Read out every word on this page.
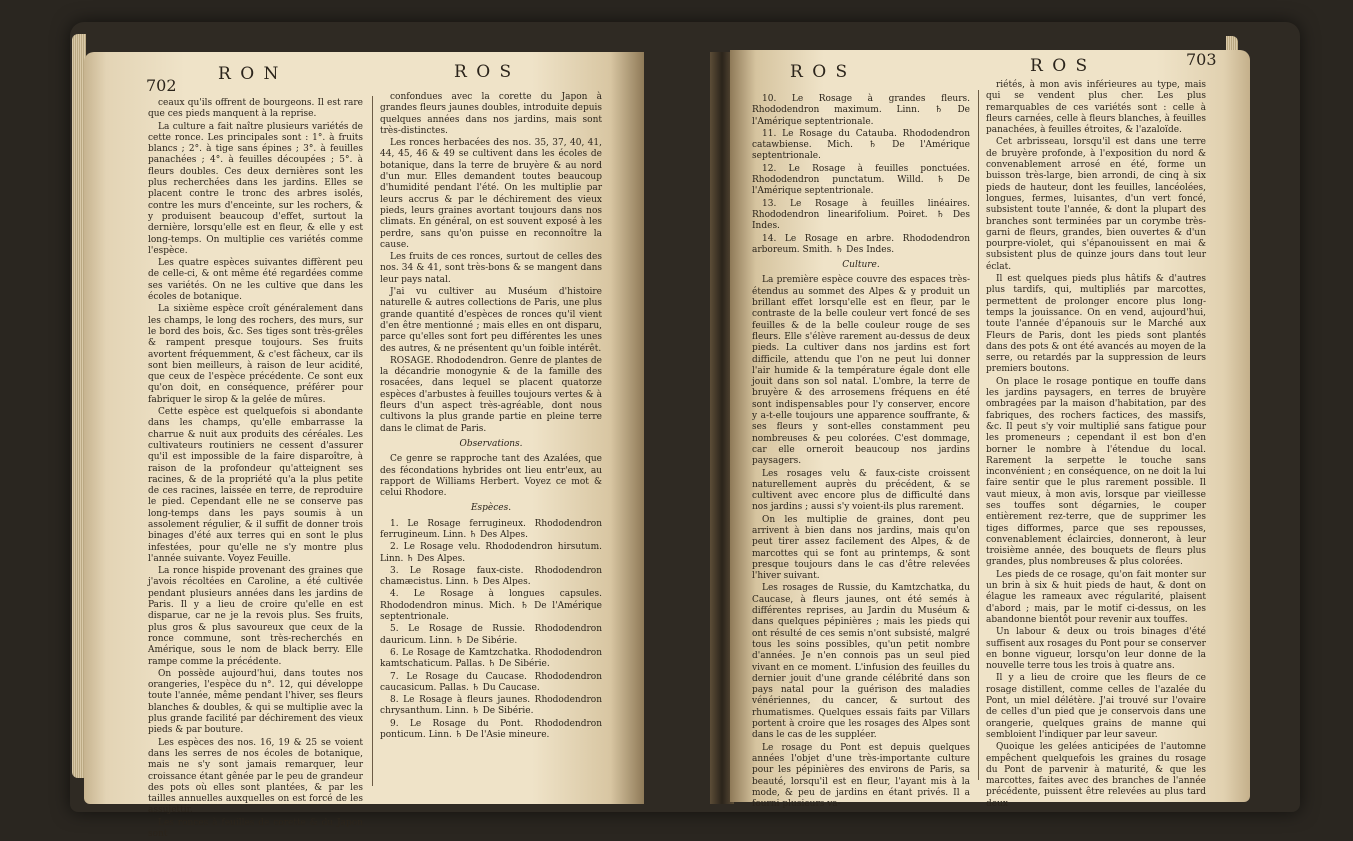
702
R O N	R O S

ceaux qu'ils offrent de bourgeons. Il est rare que ces pieds manquent à la reprise.

La culture a fait naître plusieurs variétés de cette ronce. Les principales sont : 1°. à fruits blancs ; 2°. à tige sans épines ; 3°. à feuilles panachées ; 4°. à feuilles découpées ; 5°. à fleurs doubles. Ces deux dernières sont les plus recherchées dans les jardins. Elles se placent contre le tronc des arbres isolés, contre les murs d'enceinte, sur les rochers, & y produisent beaucoup d'effet, surtout la dernière, lorsqu'elle est en fleur, & elle y est long-temps. On multiplie ces variétés comme l'espèce.

Les quatre espèces suivantes diffèrent peu de celle-ci, & ont même été regardées comme ses variétés. On ne les cultive que dans les écoles de botanique.

La sixième espèce croît généralement dans les champs, le long des rochers, des murs, sur le bord des bois, &c. Ses tiges sont très-grêles & rampent presque toujours. Ses fruits avortent fréquemment, & c'est fâcheux, car ils sont bien meilleurs, à raison de leur acidité, que ceux de l'espèce précédente. Ce sont eux qu'on doit, en conséquence, préférer pour fabriquer le sirop & la gelée de mûres.

Cette espèce est quelquefois si abondante dans les champs, qu'elle embarrasse la charrue & nuit aux produits des céréales. Les cultivateurs routiniers ne cessent d'assurer qu'il est impossible de la faire disparoître, à raison de la profondeur qu'atteignent ses racines, & de la propriété qu'a la plus petite de ces racines, laissée en terre, de reproduire le pied. Cependant elle ne se conserve pas long-temps dans les pays soumis à un assolement régulier, & il suffit de donner trois binages d'été aux terres qui en sont le plus infestées, pour qu'elle ne s'y montre plus l'année suivante. Voyez Feuille.

La ronce hispide provenant des graines que j'avois récoltées en Caroline, a été cultivée pendant plusieurs années dans les jardins de Paris. Il y a lieu de croire qu'elle en est disparue, car ne je la revois plus. Ses fruits, plus gros & plus savoureux que ceux de la ronce commune, sont très-recherchés en Amérique, sous le nom de black berry. Elle rampe comme la précédente.

On possède aujourd'hui, dans toutes nos orangeries, l'espèce du n°. 12, qui développe toute l'année, même pendant l'hiver, ses fleurs blanches & doubles, & qui se multiplie avec la plus grande facilité par déchirement des vieux pieds & par bouture.

Les espèces des nos. 16, 19 & 25 se voient dans les serres de nos écoles de botanique, mais ne s'y sont jamais remarquer, leur croissance étant gênée par le peu de grandeur des pots où elles sont plantées, & par les tailles annuelles auxquelles on est forcé de les assujettir.

Les ronces à feuilles de corette & du Japon sont

confondues avec la corette du Japon à grandes fleurs jaunes doubles, introduite depuis quelques années dans nos jardins, mais sont très-distinctes.

Les ronces herbacées des nos. 35, 37, 40, 41, 44, 45, 46 & 49 se cultivent dans les écoles de botanique, dans la terre de bruyère & au nord d'un mur. Elles demandent toutes beaucoup d'humidité pendant l'été. On les multiplie par leurs accrus & par le déchirement des vieux pieds, leurs graines avortant toujours dans nos climats. En général, on est souvent exposé à les perdre, sans qu'on puisse en reconnoître la cause.

Les fruits de ces ronces, surtout de celles des nos. 34 & 41, sont très-bons & se mangent dans leur pays natal.

J'ai vu cultiver au Muséum d'histoire naturelle & autres collections de Paris, une plus grande quantité d'espèces de ronces qu'il vient d'en être mentionné ; mais elles en ont disparu, parce qu'elles sont fort peu différentes les unes des autres, & ne présentent qu'un foible intérêt.

ROSAGE. Rhododendron. Genre de plantes de la décandrie monogynie & de la famille des rosacées, dans lequel se placent quatorze espèces d'arbustes à feuilles toujours vertes & à fleurs d'un aspect très-agréable, dont nous cultivons la plus grande partie en pleine terre dans le climat de Paris.

Observations.

Ce genre se rapproche tant des Azalées, que des fécondations hybrides ont lieu entr'eux, au rapport de Williams Herbert. Voyez ce mot & celui Rhodore.

Espèces.

1. Le Rosage ferrugineux. Rhododendron ferrugineum. Linn. ♄ Des Alpes.

2. Le Rosage velu. Rhododendron hirsutum. Linn. ♄ Des Alpes.

3. Le Rosage faux-ciste. Rhododendron chamæcistus. Linn. ♄ Des Alpes.

4. Le Rosage à longues capsules. Rhododendron minus. Mich. ♄ De l'Amérique septentrionale.

5. Le Rosage de Russie. Rhododendron dauricum. Linn. ♄ De Sibérie.

6. Le Rosage de Kamtzchatka. Rhododendron kamtschaticum. Pallas. ♄ De Sibérie.

7. Le Rosage du Caucase. Rhododendron caucasicum. Pallas. ♄ Du Caucase.

8. Le Rosage à fleurs jaunes. Rhododendron chrysanthum. Linn. ♄ De Sibérie.

9. Le Rosage du Pont. Rhododendron ponticum. Linn. ♄ De l'Asie mineure.

R O S	R O S	703

10. Le Rosage à grandes fleurs. Rhododendron maximum. Linn. ♄ De l'Amérique septentrionale.

11. Le Rosage du Catauba. Rhododendron catawbiense. Mich. ♄ De l'Amérique septentrionale.

12. Le Rosage à feuilles ponctuées. Rhododendron punctatum. Willd. ♄ De l'Amérique septentrionale.

13. Le Rosage à feuilles linéaires. Rhododendron linearifolium. Poiret. ♄ Des Indes.

14. Le Rosage en arbre. Rhododendron arboreum. Smith. ♄ Des Indes.

Culture.

La première espèce couvre des espaces très-étendus au sommet des Alpes & y produit un brillant effet lorsqu'elle est en fleur, par le contraste de la belle couleur vert foncé de ses feuilles & de la belle couleur rouge de ses fleurs. Elle s'élève rarement au-dessus de deux pieds. La cultiver dans nos jardins est fort difficile, attendu que l'on ne peut lui donner l'air humide & la température égale dont elle jouit dans son sol natal. L'ombre, la terre de bruyère & des arrosemens fréquens en été sont indispensables pour l'y conserver, encore y a-t-elle toujours une apparence souffrante, & ses fleurs y sont-elles constamment peu nombreuses & peu colorées. C'est dommage, car elle orneroit beaucoup nos jardins paysagers.

Les rosages velu & faux-ciste croissent naturellement auprès du précédent, & se cultivent avec encore plus de difficulté dans nos jardins ; aussi s'y voient-ils plus rarement.

On les multiplie de graines, dont peu arrivent à bien dans nos jardins, mais qu'on peut tirer assez facilement des Alpes, & de marcottes qui se font au printemps, & sont presque toujours dans le cas d'être relevées l'hiver suivant.

Les rosages de Russie, du Kamtzchatka, du Caucase, à fleurs jaunes, ont été semés à différentes reprises, au Jardin du Muséum & dans quelques pépinières ; mais les pieds qui ont résulté de ces semis n'ont subsisté, malgré tous les soins possibles, qu'un petit nombre d'années. Je n'en connois pas un seul pied vivant en ce moment. L'infusion des feuilles du dernier jouit d'une grande célébrité dans son pays natal pour la guérison des maladies vénériennes, du cancer, & surtout des rhumatismes. Quelques essais faits par Villars portent à croire que les rosages des Alpes sont dans le cas de les suppléer.

Le rosage du Pont est depuis quelques années l'objet d'une très-importante culture pour les pépinières des environs de Paris, sa beauté, lorsqu'il est en fleur, l'ayant mis à la mode, & peu de jardins en étant privés. Il a fourni plusieurs va-

riétés, à mon avis inférieures au type, mais qui se vendent plus cher. Les plus remarquables de ces variétés sont : celle à fleurs carnées, celle à fleurs blanches, à feuilles panachées, à feuilles étroites, & l'azaloïde.

Cet arbrisseau, lorsqu'il est dans une terre de bruyère profonde, à l'exposition du nord & convenablement arrosé en été, forme un buisson très-large, bien arrondi, de cinq à six pieds de hauteur, dont les feuilles, lancéolées, longues, fermes, luisantes, d'un vert foncé, subsistent toute l'année, & dont la plupart des branches sont terminées par un corymbe très-garni de fleurs, grandes, bien ouvertes & d'un pourpre-violet, qui s'épanouissent en mai & subsistent plus de quinze jours dans tout leur éclat.

Il est quelques pieds plus hâtifs & d'autres plus tardifs, qui, multipliés par marcottes, permettent de prolonger encore plus long-temps la jouissance. On en vend, aujourd'hui, toute l'année d'épanouis sur le Marché aux Fleurs de Paris, dont les pieds sont plantés dans des pots & ont été avancés au moyen de la serre, ou retardés par la suppression de leurs premiers boutons.

On place le rosage pontique en touffe dans les jardins paysagers, en terres de bruyère ombragées par la maison d'habitation, par des fabriques, des rochers factices, des massifs, &c. Il peut s'y voir multiplié sans fatigue pour les promeneurs ; cependant il est bon d'en borner le nombre à l'étendue du local. Rarement la serpette le touche sans inconvénient ; en conséquence, on ne doit la lui faire sentir que le plus rarement possible. Il vaut mieux, à mon avis, lorsque par vieillesse ses touffes sont dégarnies, le couper entièrement rez-terre, que de supprimer les tiges difformes, parce que ses repousses, convenablement éclaircies, donneront, à leur troisième année, des bouquets de fleurs plus grandes, plus nombreuses & plus colorées.

Les pieds de ce rosage, qu'on fait monter sur un brin à six & huit pieds de haut, & dont on élague les rameaux avec régularité, plaisent d'abord ; mais, par le motif ci-dessus, on les abandonne bientôt pour revenir aux touffes.

Un labour & deux ou trois binages d'été suffisent aux rosages du Pont pour se conserver en bonne vigueur, lorsqu'on leur donne de la nouvelle terre tous les trois à quatre ans.

Il y a lieu de croire que les fleurs de ce rosage distillent, comme celles de l'azalée du Pont, un miel délétère. J'ai trouvé sur l'ovaire de celles d'un pied que je conservois dans une orangerie, quelques grains de manne qui sembloient l'indiquer par leur saveur.

Quoique les gelées anticipées de l'automne empêchent quelquefois les graines du rosage du Pont de parvenir à maturité, & que les marcottes, faites avec des branches de l'année précédente, puissent être relevées au plus tard deux
